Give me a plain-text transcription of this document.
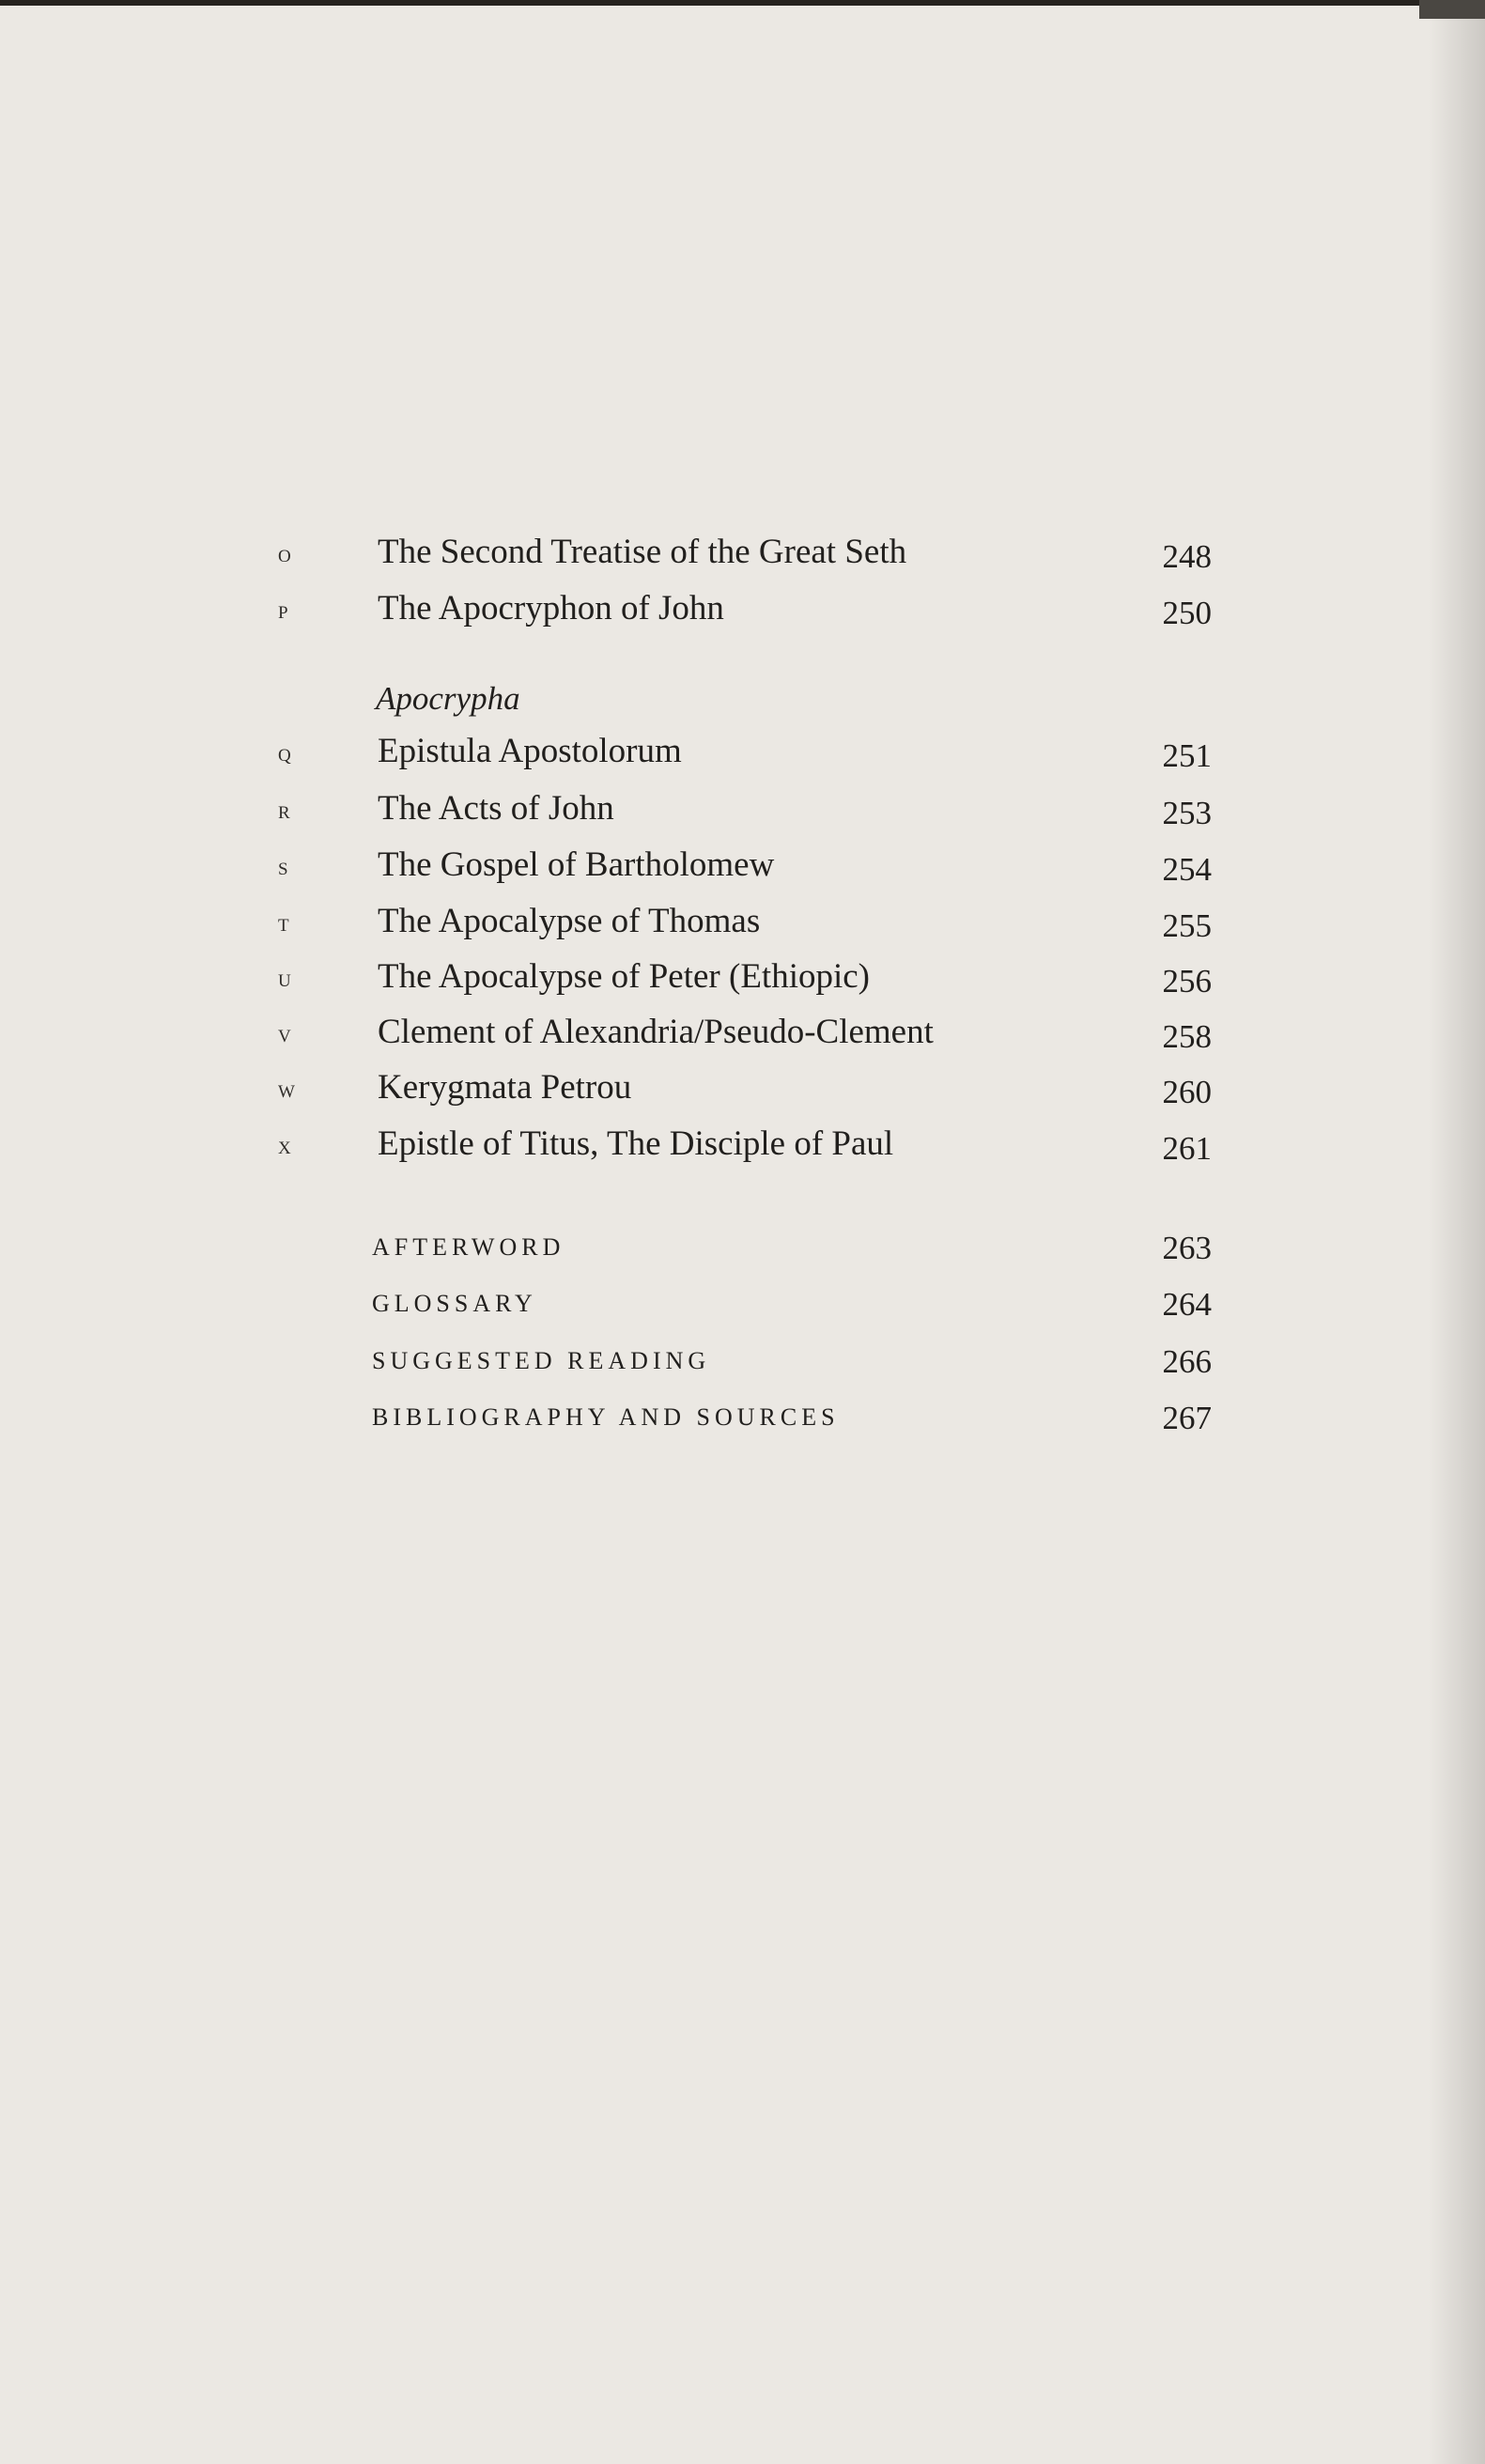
O The Second Treatise of the Great Seth	248
P	The Apocryphon of John	250
Apocrypha
Q Epistula Apostolorum	251
R	The Acts of John	253
S	The Gospel of Bartholomew	254
T	The Apocalypse of Thomas	255
U The Apocalypse of Peter (Ethiopic)	256
V Clement of Alexandria/Pseudo-Clement	258
W Kerygmata Petrou	260
X Epistle of Titus, The Disciple of Paul	261
AFTERWORD	263
GLOSSARY	264
SUGGESTED READING	266
BIBLIOGRAPHY AND SOURCES	267
